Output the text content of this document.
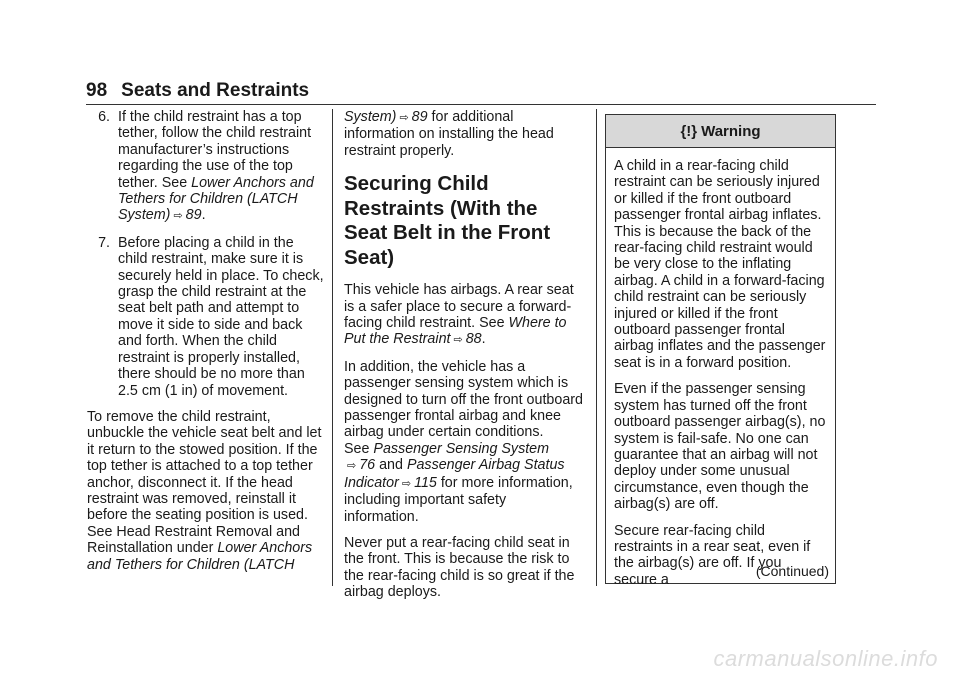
98 Seats and Restraints
6. If the child restraint has a top tether, follow the child restraint manufacturer’s instructions regarding the use of the top tether. See Lower Anchors and Tethers for Children (LATCH System) ⇨ 89.
7. Before placing a child in the child restraint, make sure it is securely held in place. To check, grasp the child restraint at the seat belt path and attempt to move it side to side and back and forth. When the child restraint is properly installed, there should be no more than 2.5 cm (1 in) of movement.

To remove the child restraint, unbuckle the vehicle seat belt and let it return to the stowed position. If the top tether is attached to a top tether anchor, disconnect it. If the head restraint was removed, reinstall it before the seating position is used. See Head Restraint Removal and Reinstallation under Lower Anchors and Tethers for Children (LATCH

System) ⇨ 89 for additional information on installing the head restraint properly.

Securing Child Restraints (With the Seat Belt in the Front Seat)

This vehicle has airbags. A rear seat is a safer place to secure a forward-facing child restraint. See Where to Put the Restraint ⇨ 88.

In addition, the vehicle has a passenger sensing system which is designed to turn off the front outboard passenger frontal airbag and knee airbag under certain conditions.
See Passenger Sensing System
⇨ 76 and Passenger Airbag Status Indicator ⇨ 115 for more information, including important safety information.

Never put a rear-facing child seat in the front. This is because the risk to the rear-facing child is so great if the airbag deploys.

{!} Warning

A child in a rear-facing child restraint can be seriously injured or killed if the front outboard passenger frontal airbag inflates. This is because the back of the rear-facing child restraint would be very close to the inflating airbag. A child in a forward-facing child restraint can be seriously injured or killed if the front outboard passenger frontal airbag inflates and the passenger seat is in a forward position.

Even if the passenger sensing system has turned off the front outboard passenger airbag(s), no system is fail-safe. No one can guarantee that an airbag will not deploy under some unusual circumstance, even though the airbag(s) are off.

Secure rear-facing child restraints in a rear seat, even if the airbag(s) are off. If you secure a

(Continued)
carmanualsonline.info
